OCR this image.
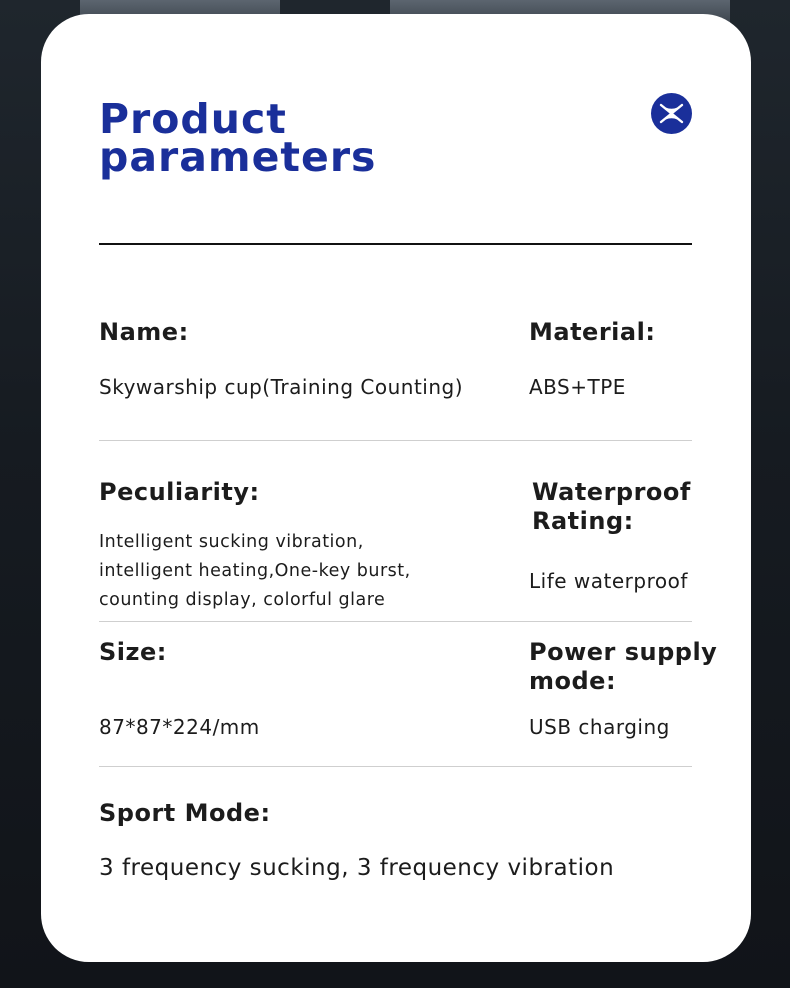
Product
parameters

Name:

Skywarship cup(Training Counting)

Material:

ABS+TPE

Peculiarity:

Intelligent sucking vibration,
intelligent heating,One-key burst,
counting display, colorful glare

Waterproof
Rating:

Life waterproof

Size:

87*87*224/mm

Power supply
mode:

USB charging

Sport Mode:

3 frequency sucking, 3 frequency vibration
